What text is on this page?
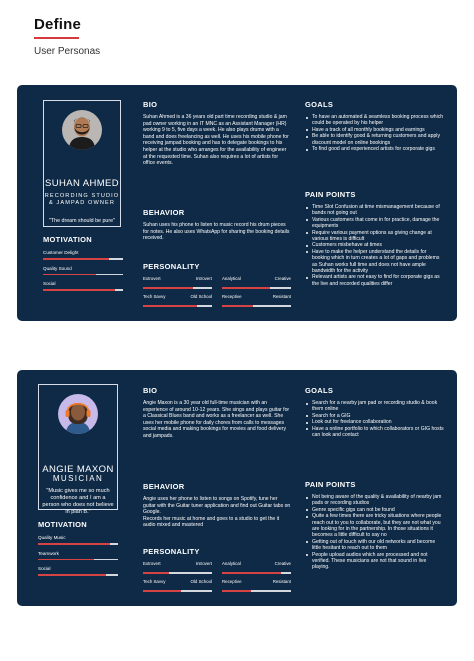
Define
User Personas
SUHAN AHMED
RECORDING STUDIO
& JAMPAD OWNER
"The dream should be pure"
MOTIVATION
Customer Delight
Quality Sound
Social
BIO
Suhan Ahmed is a 36 years old part time recording studio & jam pad owner working in an IT MNC as an Assistant Manager (HR) working 9 to 5, five days a week. He also plays drums with a band and does freelancing as well. He uses his mobile phone for receiving jampad booking and has to delegate bookings to his helper at the studio who arranges for the availability of engineer at the requested time. Suhan also requires a lot of artists for office events.
BEHAVIOR
Suhan uses his phone to listen to music record his drum pieces for notes. He also uses WhatsApp for sharing the booking details received.
PERSONALITY
Extrovert	Introvert Analytical	Creative
Tech Savvy	Old School Receptive	Resistant
GOALS
To have an automated & seamless booking process which could be operated by his helper
Have a track of all monthly bookings and earnings
Be able to identify good & returning customers and apply discount model on online bookings
To find good and experienced artists for corporate gigs
PAIN POINTS
Time Slot Confusion at time mismanagement because of bands not going out
Various customers that come in for practice, damage the equipments
Require various payment options as giving change at various times is difficult
Customers misbehave at times
Have to make the helper understand the details for booking which in turn creates a lot of gaps and problems as Suhan works full time and does not have ample bandwidth for the activity
Relevant artists are not easy to find for corporate gigs as the live and recorded qualities differ
ANGIE MAXON
MUSICIAN
"Music gives me so much confidence and I am a person who does not believe in plan B."
MOTIVATION
Quality Music
Teamwork
Social
BIO
Angie Maxon is a 30 year old full-time musician with an experience of around 10-12 years. She sings and plays guitar for a Classical Blues band and works as a freelancer as well. She uses her mobile phone for daily chores from calls to messages social media and making bookings for movies and food delivery and jampads.
BEHAVIOR
Angie uses her phone to listen to songs on Spotify, tune her guitar with the Guitar tuner application and find out Guitar tabs on Google.
Records her music at home and goes to a studio to get the it audio mixed and mastered
PERSONALITY
Extrovert	Introvert Analytical	Creative
Tech Savvy	Old School Receptive	Resistant
GOALS
Search for a nearby jam pad or recording studio & book them online
Search for a GIG
Look out for freelance collaboration
Have a online portfolio to which collaborators or GIG hosts can look and contact
PAIN POINTS
Not being aware of the quality & availability of nearby jam pads or recording studios
Genre specific gigs can not be found
Quite a few times there are tricky situations where people reach out to you to collaborate, but they are not what you are looking for in the partnership. In those situations it becomes a little difficult to say no
Getting out of touch with our old networks and become little hesitant to reach out to them
People upload audios which are processed and not verified. These musicians are not that sound in live playing.
